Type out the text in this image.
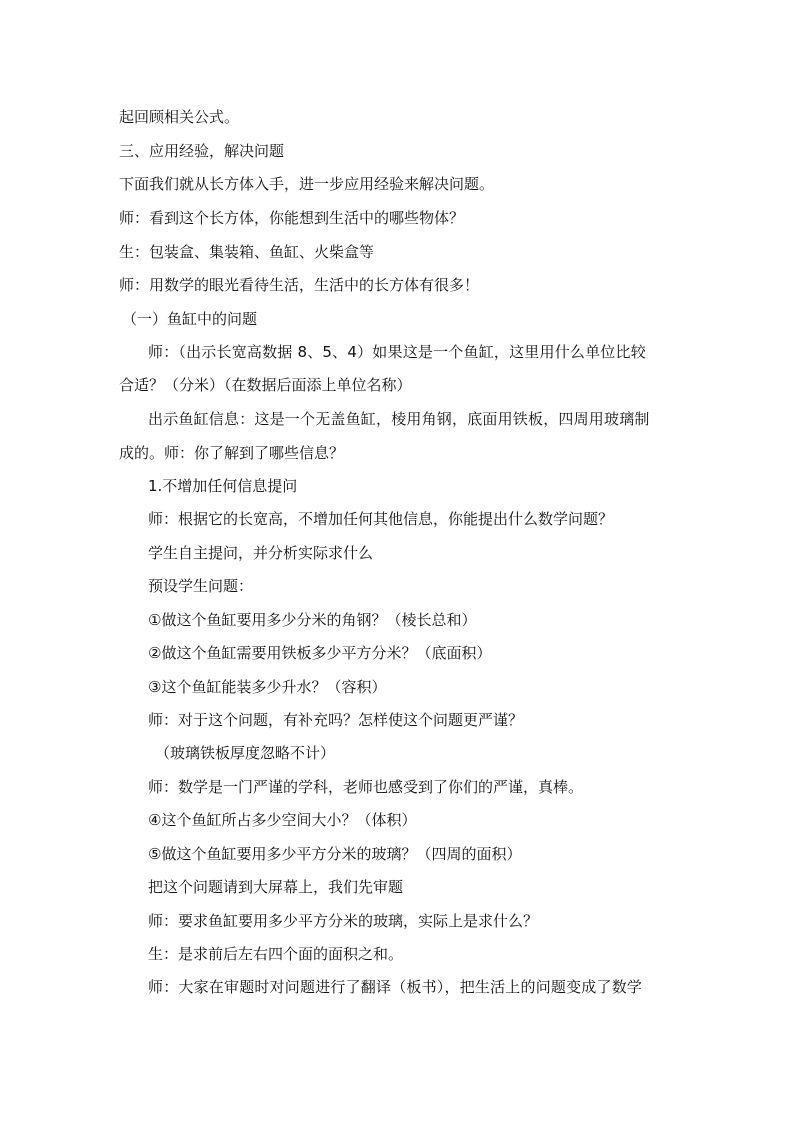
起回顾相关公式。
三、应用经验，解决问题
下面我们就从长方体入手，进一步应用经验来解决问题。
师：看到这个长方体，你能想到生活中的哪些物体？
生：包装盒、集装箱、鱼缸、火柴盒等
师：用数学的眼光看待生活，生活中的长方体有很多！
（一）鱼缸中的问题
师：（出示长宽高数据 8、5、4）如果这是一个鱼缸，这里用什么单位比较
合适？（分米）（在数据后面添上单位名称）
出示鱼缸信息：这是一个无盖鱼缸，棱用角钢，底面用铁板，四周用玻璃制
成的。师：你了解到了哪些信息？
1.不增加任何信息提问
师：根据它的长宽高，不增加任何其他信息，你能提出什么数学问题？
学生自主提问，并分析实际求什么
预设学生问题：
①做这个鱼缸要用多少分米的角钢？（棱长总和）
②做这个鱼缸需要用铁板多少平方分米？（底面积）
③这个鱼缸能装多少升水？（容积）
师：对于这个问题，有补充吗？怎样使这个问题更严谨？
（玻璃铁板厚度忽略不计）
师：数学是一门严谨的学科，老师也感受到了你们的严谨，真棒。
④这个鱼缸所占多少空间大小？（体积）
⑤做这个鱼缸要用多少平方分米的玻璃？（四周的面积）
把这个问题请到大屏幕上，我们先审题
师：要求鱼缸要用多少平方分米的玻璃，实际上是求什么？
生：是求前后左右四个面的面积之和。
师：大家在审题时对问题进行了翻译（板书），把生活上的问题变成了数学
